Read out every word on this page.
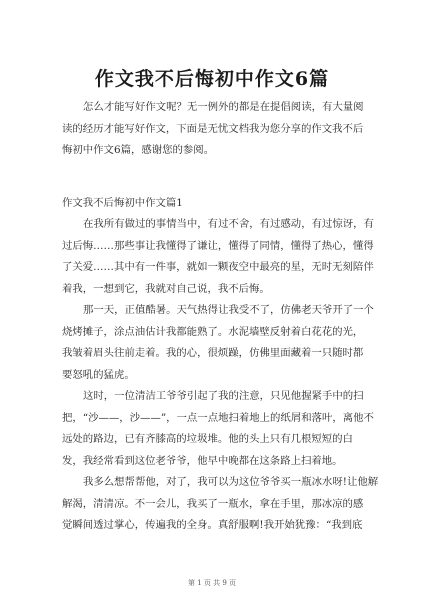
作文我不后悔初中作文6篇
怎么才能写好作文呢？无一例外的都是在提倡阅读，有大量阅
读的经历才能写好作文，下面是无忧文档我为您分享的作文我不后
悔初中作文6篇，感谢您的参阅。
作文我不后悔初中作文篇1
在我所有做过的事情当中，有过不舍，有过感动，有过惊讶，有
过后悔……那些事让我懂得了谦让，懂得了同情，懂得了热心，懂得
了关爱……其中有一件事，就如一颗夜空中最亮的星，无时无刻陪伴
着我，一想到它，我就对自己说，我不后悔。
那一天，正值酷暑。天气热得让我受不了，仿佛老天爷开了一个
烧烤摊子，涂点油估计我都能熟了。水泥墙壁反射着白花花的光，
我皱着眉头往前走着。我的心，很烦躁，仿佛里面藏着一只随时都
要怒吼的猛虎。
这时，一位清洁工爷爷引起了我的注意，只见他握紧手中的扫
把，“沙——，沙——”，一点一点地扫着地上的纸屑和落叶，离他不
远处的路边，已有齐膝高的垃圾堆。他的头上只有几根短短的白
发，我经常看到这位老爷爷，他早中晚都在这条路上扫着地。
我多么想帮帮他，对了，我可以为这位爷爷买一瓶冰水呀!让他解
解渴，清清凉。不一会儿，我买了一瓶水，拿在手里，那冰凉的感
觉瞬间透过掌心，传遍我的全身。真舒服啊!我开始犹豫：“我到底
第 1 页 共 9 页
